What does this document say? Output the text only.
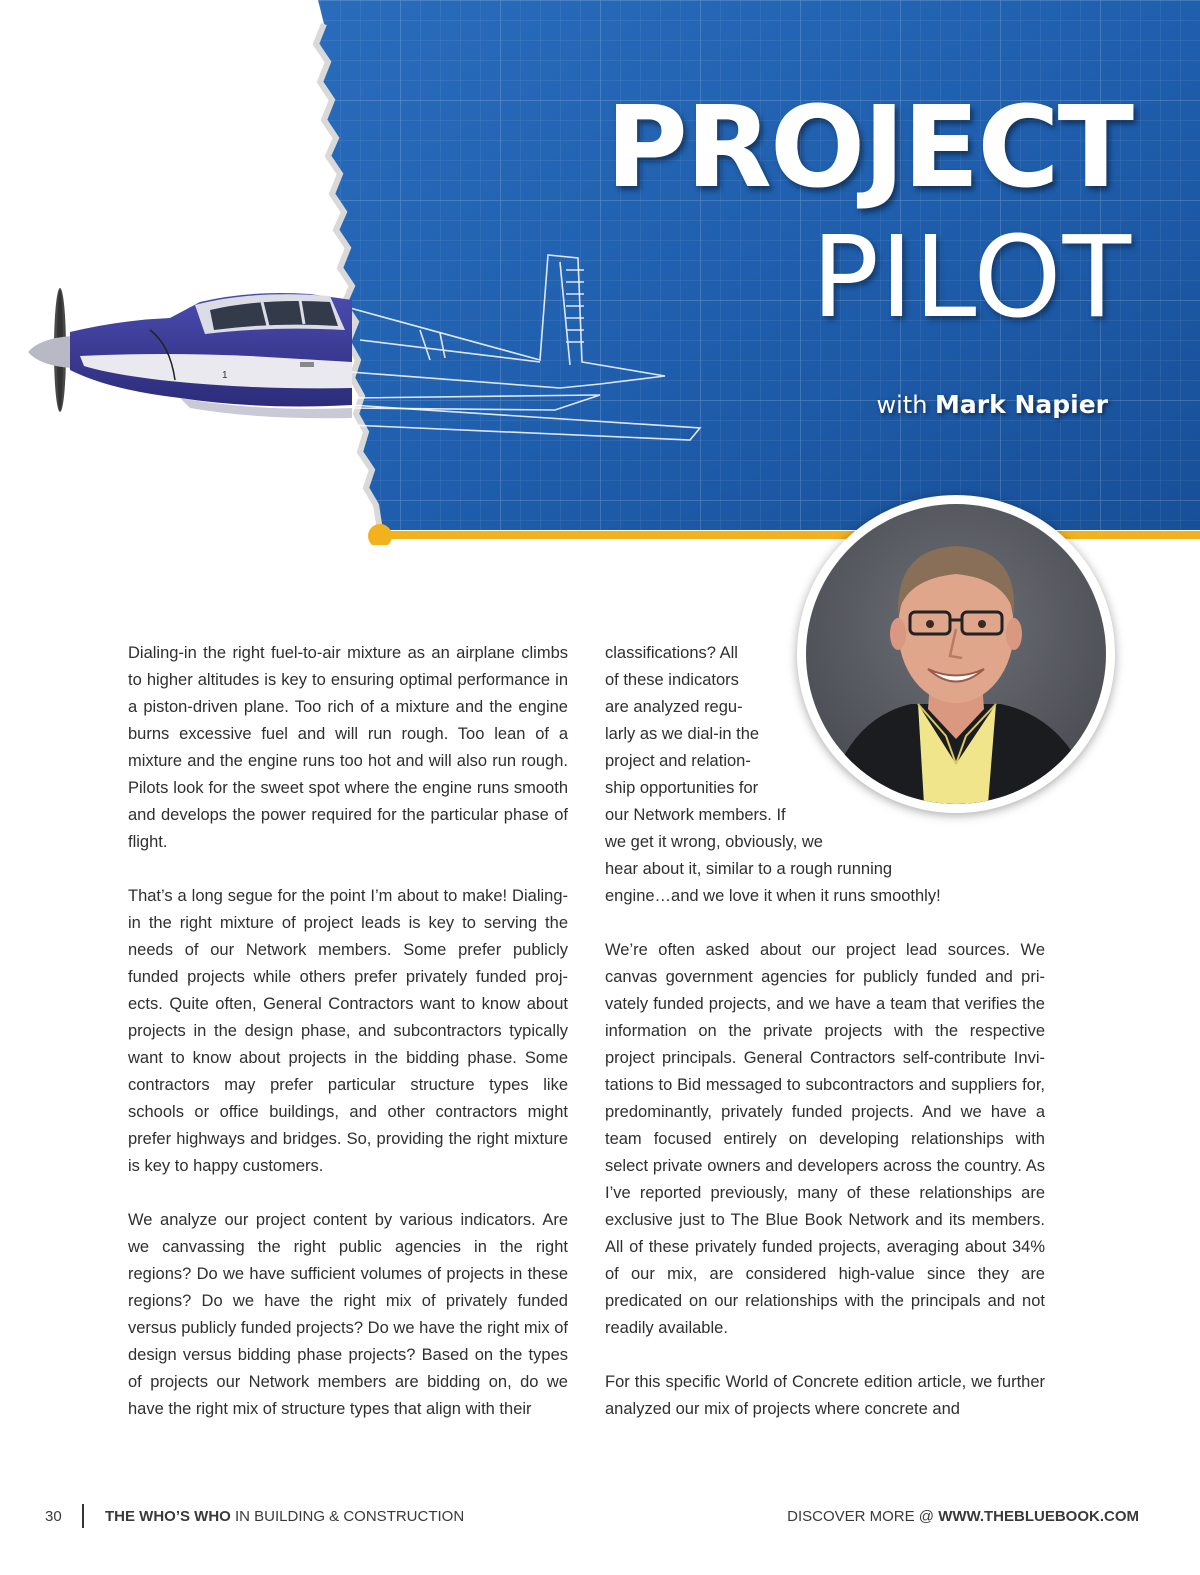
1
PROJECT
PILOT
with Mark Napier

Dialing-in the right fuel-to-air mixture as an airplane climbs to higher altitudes is key to ensuring optimal performance in a piston-driven plane. Too rich of a mixture and the engine burns excessive fuel and will run rough. Too lean of a mixture and the engine runs too hot and will also run rough. Pilots look for the sweet spot where the engine runs smooth and develops the power required for the particular phase of flight.

That’s a long segue for the point I’m about to make! Dialing-in the right mixture of project leads is key to serving the needs of our Network members. Some prefer publicly funded projects while others prefer privately funded projects. Quite often, General Contractors want to know about projects in the design phase, and subcontractors typically want to know about projects in the bidding phase. Some contractors may prefer particular structure types like schools or office buildings, and other contractors might prefer highways and bridges. So, providing the right mixture is key to happy customers.

We analyze our project content by various indicators. Are we canvassing the right public agencies in the right regions? Do we have sufficient volumes of projects in these regions? Do we have the right mix of privately funded versus publicly funded projects? Do we have the right mix of design versus bidding phase projects? Based on the types of projects our Network members are bidding on, do we have the right mix of structure types that align with their

classifications? All
of these indicators
are analyzed regu-
larly as we dial-in the
project and relation-
ship opportunities for
our Network members. If
we get it wrong, obviously, we
hear about it, similar to a rough running
engine…and we love it when it runs smoothly!

We’re often asked about our project lead sources. We canvas government agencies for publicly funded and privately funded projects, and we have a team that verifies the information on the private projects with the respective project principals. General Contractors self-contribute Invitations to Bid messaged to subcontractors and suppliers for, predominantly, privately funded projects. And we have a team focused entirely on developing relationships with select private owners and developers across the country. As I’ve reported previously, many of these relationships are exclusive just to The Blue Book Network and its members. All of these privately funded projects, averaging about 34% of our mix, are considered high-value since they are predicated on our relationships with the principals and not readily available.

For this specific World of Concrete edition article, we further analyzed our mix of projects where concrete and

30	THE WHO’S WHO IN BUILDING & CONSTRUCTION	DISCOVER MORE @ WWW.THEBLUEBOOK.COM
